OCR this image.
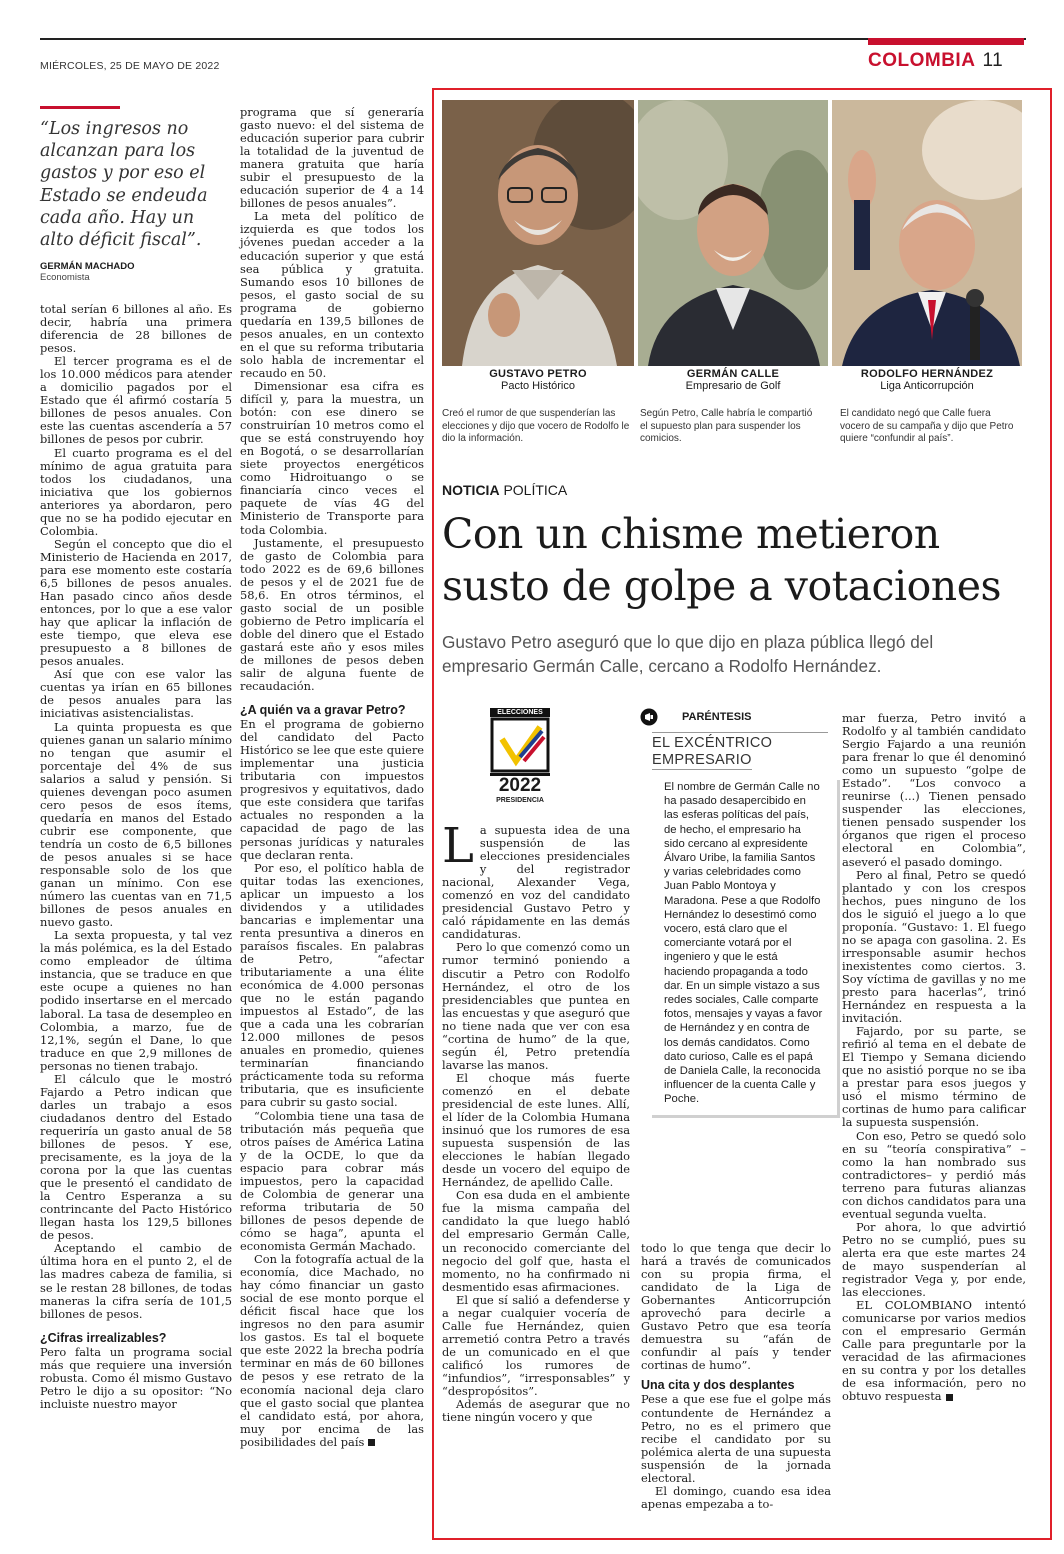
MIÉRCOLES, 25 DE MAYO DE 2022	COLOMBIA 11
“Los ingresos no alcanzan para los gastos y por eso el Estado se endeuda cada año. Hay un alto déficit fiscal”.
GERMÁN MACHADO
Economista

total serían 6 billones al año. Es decir, habría una primera diferencia de 28 billones de pesos.

El tercer programa es el de los 10.000 médicos para atender a domicilio pagados por el Estado que él afirmó costaría 5 billones de pesos anuales. Con este las cuentas ascendería a 57 billones de pesos por cubrir.

El cuarto programa es el del mínimo de agua gratuita para todos los ciudadanos, una iniciativa que los gobiernos anteriores ya abordaron, pero que no se ha podido ejecutar en Colombia.

Según el concepto que dio el Ministerio de Hacienda en 2017, para ese momento este costaría 6,5 billones de pesos anuales. Han pasado cinco años desde entonces, por lo que a ese valor hay que aplicar la inflación de este tiempo, que eleva ese presupuesto a 8 billones de pesos anuales.

Así que con ese valor las cuentas ya irían en 65 billones de pesos anuales para las iniciativas asistencialistas.

La quinta propuesta es que quienes ganan un salario mínimo no tengan que asumir el porcentaje del 4% de sus salarios a salud y pensión. Si quienes devengan poco asumen cero pesos de esos ítems, quedaría en manos del Estado cubrir ese componente, que tendría un costo de 6,5 billones de pesos anuales si se hace responsable solo de los que ganan un mínimo. Con ese número las cuentas van en 71,5 billones de pesos anuales en nuevo gasto.

La sexta propuesta, y tal vez la más polémica, es la del Estado como empleador de última instancia, que se traduce en que este ocupe a quienes no han podido insertarse en el mercado laboral. La tasa de desempleo en Colombia, a marzo, fue de 12,1%, según el Dane, lo que traduce en que 2,9 millones de personas no tienen trabajo.

El cálculo que le mostró Fajardo a Petro indican que darles un trabajo a esos ciudadanos dentro del Estado requeriría un gasto anual de 58 billones de pesos. Y ese, precisamente, es la joya de la corona por la que las cuentas que le presentó el candidato de la Centro Esperanza a su contrincante del Pacto Histórico llegan hasta los 129,5 billones de pesos.

Aceptando el cambio de última hora en el punto 2, el de las madres cabeza de familia, si se le restan 28 billones, de todas maneras la cifra sería de 101,5 billones de pesos.

¿Cifras irrealizables?

Pero falta un programa social más que requiere una inversión robusta. Como él mismo Gustavo Petro le dijo a su opositor: “No incluiste nuestro mayor

programa que sí generaría gasto nuevo: el del sistema de educación superior para cubrir la totalidad de la juventud de manera gratuita que haría subir el presupuesto de la educación superior de 4 a 14 billones de pesos anuales”.

La meta del político de izquierda es que todos los jóvenes puedan acceder a la educación superior y que está sea pública y gratuita. Sumando esos 10 billones de pesos, el gasto social de su programa de gobierno quedaría en 139,5 billones de pesos anuales, en un contexto en el que su reforma tributaria solo habla de incrementar el recaudo en 50.

Dimensionar esa cifra es difícil y, para la muestra, un botón: con ese dinero se construirían 10 metros como el que se está construyendo hoy en Bogotá, o se desarrollarían siete proyectos energéticos como Hidroituango o se financiaría cinco veces el paquete de vías 4G del Ministerio de Transporte para toda Colombia.

Justamente, el presupuesto de gasto de Colombia para todo 2022 es de 69,6 billones de pesos y el de 2021 fue de 58,6. En otros términos, el gasto social de un posible gobierno de Petro implicaría el doble del dinero que el Estado gastará este año y esos miles de millones de pesos deben salir de alguna fuente de recaudación.

¿A quién va a gravar Petro?

En el programa de gobierno del candidato del Pacto Histórico se lee que este quiere implementar una justicia tributaria con impuestos progresivos y equitativos, dado que este considera que tarifas actuales no responden a la capacidad de pago de las personas jurídicas y naturales que declaran renta.

Por eso, el político habla de quitar todas las exenciones, aplicar un impuesto a los dividendos y a utilidades bancarias e implementar una renta presuntiva a dineros en paraísos fiscales. En palabras de Petro, “afectar tributariamente a una élite económica de 4.000 personas que no le están pagando impuestos al Estado”, de las que a cada una les cobrarían 12.000 millones de pesos anuales en promedio, quienes terminarían financiando prácticamente toda su reforma tributaria, que es insuficiente para cubrir su gasto social.

“Colombia tiene una tasa de tributación más pequeña que otros países de América Latina y de la OCDE, lo que da espacio para cobrar más impuestos, pero la capacidad de Colombia de generar una reforma tributaria de 50 billones de pesos depende de cómo se haga”, apunta el economista Germán Machado.

Con la fotografía actual de la economía, dice Machado, no hay cómo financiar un gasto social de ese monto porque el déficit fiscal hace que los ingresos no den para asumir los gastos. Es tal el boquete que este 2022 la brecha podría terminar en más de 60 billones de pesos y ese retrato de la economía nacional deja claro que el gasto social que plantea el candidato está, por ahora, muy por encima de las posibilidades del país

GUSTAVO PETRO
Pacto Histórico
GERMÁN CALLE
Empresario de Golf
RODOLFO HERNÁNDEZ
Liga Anticorrupción
Creó el rumor de que suspenderían las elecciones y dijo que vocero de Rodolfo le dio la información.
Según Petro, Calle habría le compartió el supuesto plan para suspender los comicios.
El candidato negó que Calle fuera vocero de su campaña y dijo que Petro quiere “confundir al país”.
NOTICIA POLÍTICA
Con un chisme metieron
susto de golpe a votaciones
Gustavo Petro aseguró que lo que dijo en plaza pública llegó del
empresario Germán Calle, cercano a Rodolfo Hernández.
ELECCIONES
2022
PRESIDENCIA

La supuesta idea de una suspensión de las elecciones presidenciales y del registrador nacional, Alexander Vega, comenzó en voz del candidato presidencial Gustavo Petro y caló rápidamente en las demás candidaturas.

Pero lo que comenzó como un rumor terminó poniendo a discutir a Petro con Rodolfo Hernández, el otro de los presidenciables que puntea en las encuestas y que aseguró que no tiene nada que ver con esa “cortina de humo” de la que, según él, Petro pretendía lavarse las manos.

El choque más fuerte comenzó en el debate presidencial de este lunes. Allí, el líder de la Colombia Humana insinuó que los rumores de esa supuesta suspensión de las elecciones le habían llegado desde un vocero del equipo de Hernández, de apellido Calle.

Con esa duda en el ambiente fue la misma campaña del candidato la que luego habló del empresario Germán Calle, un reconocido comerciante del negocio del golf que, hasta el momento, no ha confirmado ni desmentido esas afirmaciones.

El que sí salió a defenderse y a negar cualquier vocería de Calle fue Hernández, quien arremetió contra Petro a través de un comunicado en el que calificó los rumores de “infundios”, “irresponsables” y “despropósitos”.

Además de asegurar que no tiene ningún vocero y que

PARÉNTESIS
EL EXCÉNTRICO
EMPRESARIO
El nombre de Germán Calle no ha pasado desapercibido en las esferas políticas del país, de hecho, el empresario ha sido cercano al expresidente Álvaro Uribe, la familia Santos y varias celebridades como Juan Pablo Montoya y Maradona. Pese a que Rodolfo Hernández lo desestimó como vocero, está claro que el comerciante votará por el ingeniero y que le está haciendo propaganda a todo dar. En un simple vistazo a sus redes sociales, Calle comparte fotos, mensajes y vayas a favor de Hernández y en contra de los demás candidatos. Como dato curioso, Calle es el papá de Daniela Calle, la reconocida influencer de la cuenta Calle y Poche.

todo lo que tenga que decir lo hará a través de comunicados con su propia firma, el candidato de la Liga de Gobernantes Anticorrupción aprovechó para decirle a Gustavo Petro que esa teoría demuestra su “afán de confundir al país y tender cortinas de humo”.

Una cita y dos desplantes

Pese a que ese fue el golpe más contundente de Hernández a Petro, no es el primero que recibe el candidato por su polémica alerta de una supuesta suspensión de la jornada electoral.

El domingo, cuando esa idea apenas empezaba a to-

mar fuerza, Petro invitó a Rodolfo y al también candidato Sergio Fajardo a una reunión para frenar lo que él denominó como un supuesto “golpe de Estado”. “Los convoco a reunirse (...) Tienen pensado suspender las elecciones, tienen pensado suspender los órganos que rigen el proceso electoral en Colombia”, aseveró el pasado domingo.

Pero al final, Petro se quedó plantado y con los crespos hechos, pues ninguno de los dos le siguió el juego a lo que proponía. “Gustavo: 1. El fuego no se apaga con gasolina. 2. Es irresponsable asumir hechos inexistentes como ciertos. 3. Soy víctima de gavillas y no me presto para hacerlas”, trinó Hernández en respuesta a la invitación.

Fajardo, por su parte, se refirió al tema en el debate de El Tiempo y Semana diciendo que no asistió porque no se iba a prestar para esos juegos y usó el mismo término de cortinas de humo para calificar la supuesta suspensión.

Con eso, Petro se quedó solo en su “teoría conspirativa” –como la han nombrado sus contradictores– y perdió más terreno para futuras alianzas con dichos candidatos para una eventual segunda vuelta.

Por ahora, lo que advirtió Petro no se cumplió, pues su alerta era que este martes 24 de mayo suspenderían al registrador Vega y, por ende, las elecciones.

EL COLOMBIANO intentó comunicarse por varios medios con el empresario Germán Calle para preguntarle por la veracidad de las afirmaciones en su contra y por los detalles de esa información, pero no obtuvo respuesta
